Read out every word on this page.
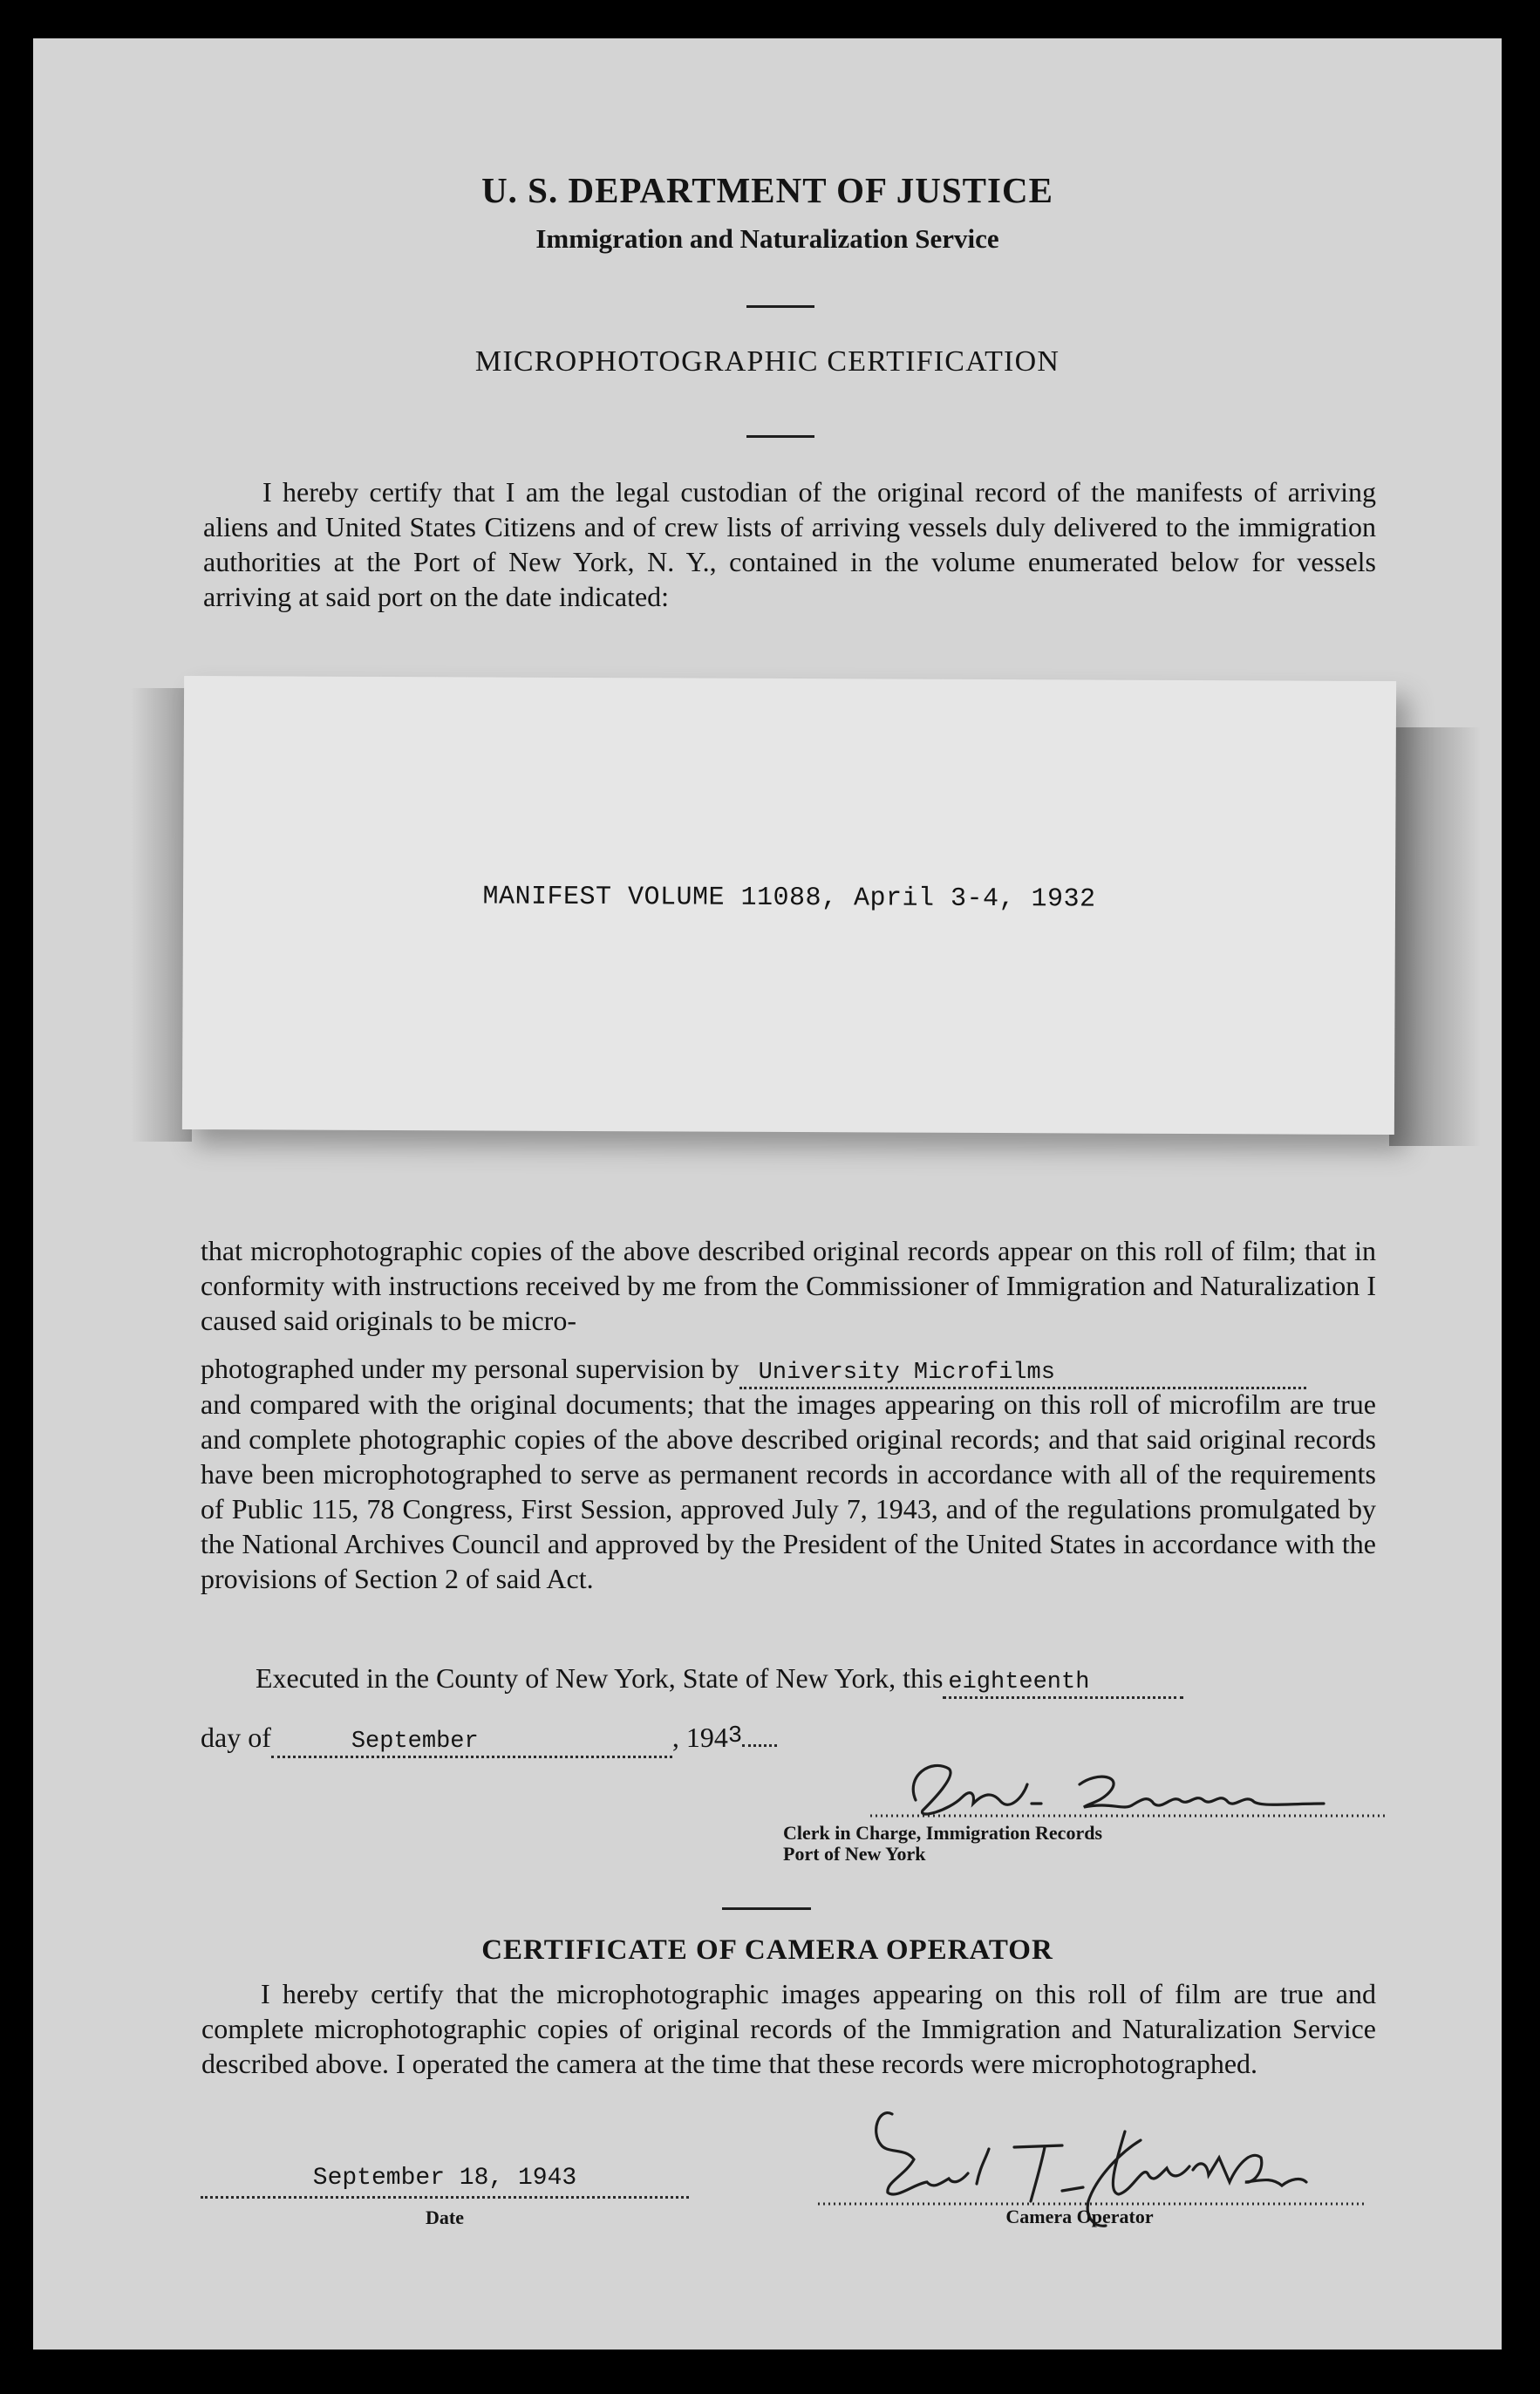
U. S. DEPARTMENT OF JUSTICE
Immigration and Naturalization Service
MICROPHOTOGRAPHIC CERTIFICATION

I hereby certify that I am the legal custodian of the original record of the manifests of arriving aliens and United States Citizens and of crew lists of arriving vessels duly delivered to the immigration authorities at the Port of New York, N. Y., contained in the volume enumerated below for vessels arriving at said port on the date indicated:

MANIFEST VOLUME 11088, April 3-4, 1932

that microphotographic copies of the above described original records appear on this roll of film; that in conformity with instructions received by me from the Commissioner of Immigration and Naturalization I caused said originals to be micro-

photographed under my personal supervision by University Microfilms

and compared with the original documents; that the images appearing on this roll of microfilm are true and complete photographic copies of the above described original records; and that said original records have been microphotographed to serve as permanent records in accordance with all of the requirements of Public 115, 78 Congress, First Session, approved July 7, 1943, and of the regulations promulgated by the National Archives Council and approved by the President of the United States in accordance with the provisions of Section 2 of said Act.

Executed in the County of New York, State of New York, this eighteenth
day of	September	, 1943
Clerk in Charge, Immigration Records
Port of New York
CERTIFICATE OF CAMERA OPERATOR

I hereby certify that the microphotographic images appearing on this roll of film are true and complete microphotographic copies of original records of the Immigration and Naturalization Service described above. I operated the camera at the time that these records were microphotographed.

September 18, 1943
Date	Camera Operator
